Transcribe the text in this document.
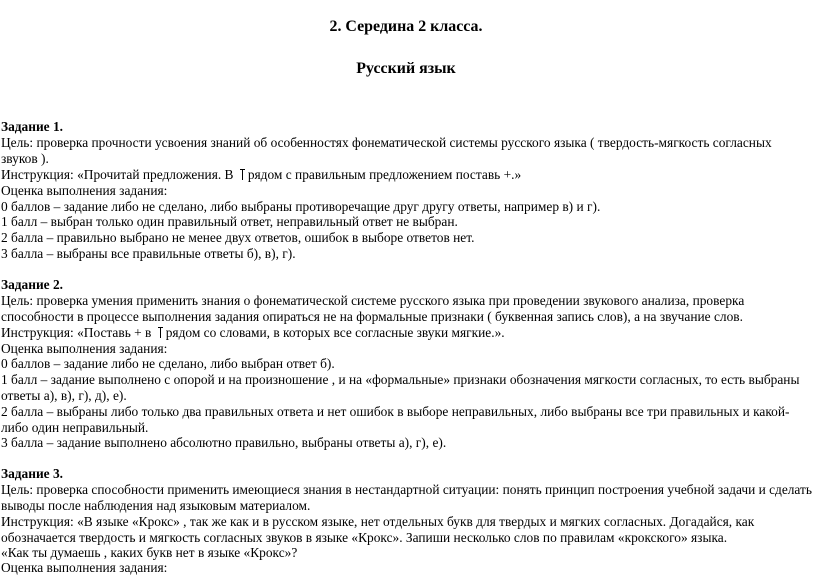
2. Середина 2 класса.
Русский язык
Задание 1.
Цель: проверка прочности усвоения знаний об особенностях фонематической системы русского языка ( твердость-мягкость согласных
звуков ).
Инструкция: «Прочитай предложения. В рядом с правильным предложением поставь +.»
Оценка выполнения задания:
0 баллов – задание либо не сделано, либо выбраны противоречащие друг другу ответы, например в) и г).
1 балл – выбран только один правильный ответ, неправильный ответ не выбран.
2 балла – правильно выбрано не менее двух ответов, ошибок в выборе ответов нет.
3 балла – выбраны все правильные ответы б), в), г).
Задание 2.
Цель: проверка умения применить знания о фонематической системе русского языка при проведении звукового анализа, проверка
способности в процессе выполнения задания опираться не на формальные признаки ( буквенная запись слов), а на звучание слов.
Инструкция: «Поставь + в рядом со словами, в которых все согласные звуки мягкие.».
Оценка выполнения задания:
0 баллов – задание либо не сделано, либо выбран ответ б).
1 балл – задание выполнено с опорой и на произношение , и на «формальные» признаки обозначения мягкости согласных, то есть выбраны
ответы а), в), г), д), е).
2 балла – выбраны либо только два правильных ответа и нет ошибок в выборе неправильных, либо выбраны все три правильных и какой-
либо один неправильный.
3 балла – задание выполнено абсолютно правильно, выбраны ответы а), г), е).
Задание 3.
Цель: проверка способности применить имеющиеся знания в нестандартной ситуации: понять принцип построения учебной задачи и сделать
выводы после наблюдения над языковым материалом.
Инструкция: «В языке «Крокс» , так же как и в русском языке, нет отдельных букв для твердых и мягких согласных. Догадайся, как
обозначается твердость и мягкость согласных звуков в языке «Крокс». Запиши несколько слов по правилам «крокского» языка.
«Как ты думаешь , каких букв нет в языке «Крокс»?
Оценка выполнения задания:
